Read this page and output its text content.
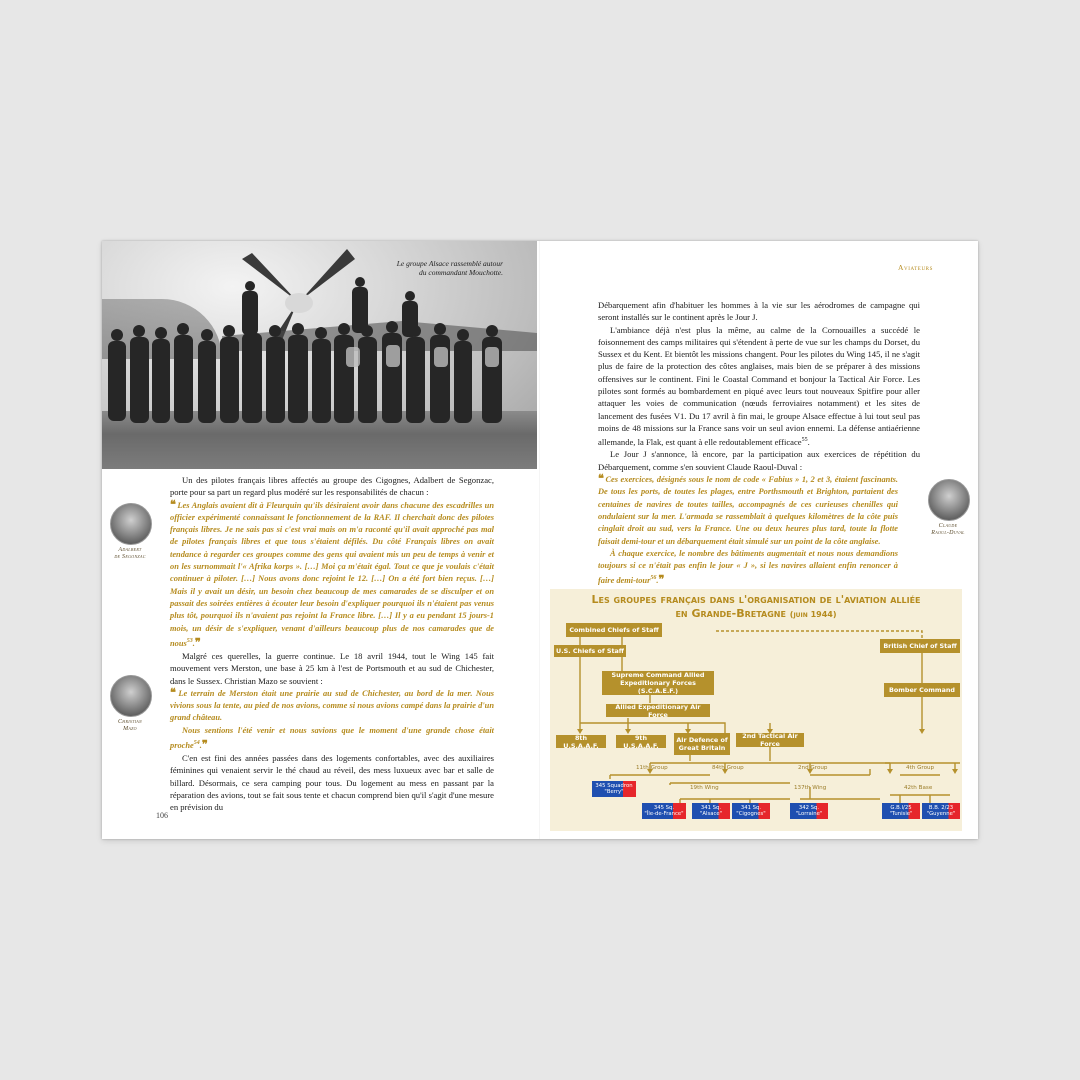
Le groupe Alsace rassemblé autour du commandant Mouchotte.

Un des pilotes français libres affectés au groupe des Cigognes, Adalbert de Segonzac, porte pour sa part un regard plus modéré sur les responsabilités de chacun :

❝ Les Anglais avaient dit à Fleurquin qu'ils désiraient avoir dans chacune des escadrilles un officier expérimenté connaissant le fonctionnement de la RAF. Il cherchait donc des pilotes français libres. Je ne sais pas si c'est vrai mais on m'a raconté qu'il avait approché pas mal de pilotes français libres et que tous s'étaient défilés. Du côté Français libres on avait tendance à regarder ces groupes comme des gens qui avaient mis un peu de temps à venir et on les surnommait l'« Afrika korps ». […] Moi ça m'était égal. Tout ce que je voulais c'était continuer à piloter. […] Nous avons donc rejoint le 12. […] On a été fort bien reçus. […] Mais il y avait un désir, un besoin chez beaucoup de mes camarades de se disculper et on passait des soirées entières à écouter leur besoin d'expliquer pourquoi ils n'étaient pas venus plus tôt, pourquoi ils n'avaient pas rejoint la France libre. […] Il y a eu pendant 15 jours-1 mois, un désir de s'expliquer, venant d'ailleurs beaucoup plus de nos camarades que de nous$^{53}$.❞

Malgré ces querelles, la guerre continue. Le 18 avril 1944, tout le Wing 145 fait mouvement vers Merston, une base à 25 km à l'est de Portsmouth et au sud de Chichester, dans le Sussex. Christian Mazo se souvient :

❝ Le terrain de Merston était une prairie au sud de Chichester, au bord de la mer. Nous vivions sous la tente, au pied de nos avions, comme si nous avions campé dans la prairie d'un grand château.

Nous sentions l'été venir et nous savions que le moment d'une grande chose était proche$^{54}$.❞

C'en est fini des années passées dans des logements confortables, avec des auxiliaires féminines qui venaient servir le thé chaud au réveil, des mess luxueux avec bar et salle de billard. Désormais, ce sera camping pour tous. Du logement au mess en passant par la réparation des avions, tout se fait sous tente et chacun comprend bien qu'il s'agit d'une mesure en prévision du

Adalbert
de Segonzac
Christian
Mazo
106
Aviateurs

Débarquement afin d'habituer les hommes à la vie sur les aérodromes de campagne qui seront installés sur le continent après le Jour J.

L'ambiance déjà n'est plus la même, au calme de la Cornouailles a succédé le foisonnement des camps militaires qui s'étendent à perte de vue sur les champs du Dorset, du Sussex et du Kent. Et bientôt les missions changent. Pour les pilotes du Wing 145, il ne s'agit plus de faire de la protection des côtes anglaises, mais bien de se préparer à des missions offensives sur le continent. Fini le Coastal Command et bonjour la Tactical Air Force. Les pilotes sont formés au bombardement en piqué avec leurs tout nouveaux Spitfire pour aller attaquer les voies de communication (nœuds ferroviaires notamment) et les sites de lancement des fusées V1. Du 17 avril à fin mai, le groupe Alsace effectue à lui tout seul pas moins de 48 missions sur la France sans voir un seul avion ennemi. La défense antiaérienne allemande, la Flak, est quant à elle redoutablement efficace$^{55}$.

Le Jour J s'annonce, là encore, par la participation aux exercices de répétition du Débarquement, comme s'en souvient Claude Raoul-Duval :

❝ Ces exercices, désignés sous le nom de code « Fabius » 1, 2 et 3, étaient fascinants. De tous les ports, de toutes les plages, entre Porthsmouth et Brighton, partaient des centaines de navires de toutes tailles, accompagnés de ces curieuses chenilles qui ondulaient sur la mer. L'armada se rassemblait à quelques kilomètres de la côte puis cinglait droit au sud, vers la France. Une ou deux heures plus tard, toute la flotte faisait demi-tour et un débarquement était simulé sur un point de la côte anglaise.

À chaque exercice, le nombre des bâtiments augmentait et nous nous demandions toujours si ce n'était pas enfin le jour « J », si les navires allaient enfin renoncer à faire demi-tour$^{56}$.❞

Claude
Raoul-Duval
Les groupes français dans l'organisation de l'aviation alliée
en Grande-Bretagne (juin 1944)
Combined Chiefs of Staff
U.S. Chiefs of Staff
British Chief of Staff
Supreme Command Allied Expeditionary Forces (S.C.A.E.F.)	Bomber Command
Allied Expeditionary Air Force
8th U.S.A.A.F.
9th U.S.A.A.F.
Air Defence of Great Britain
2nd Tactical Air Force
11th Group	84th Group	2nd Group	4th Group
19th Wing	137th Wing	42th Base
345 Squadron
"Berry"
345 Sq.
"Île-de-France"
341 Sq.
"Alsace"
341 Sq.
"Cigognes"
342 Sq.
"Lorraine"
G.B.I/25
"Tunisie"
B.B. 2/23
"Guyenne"
